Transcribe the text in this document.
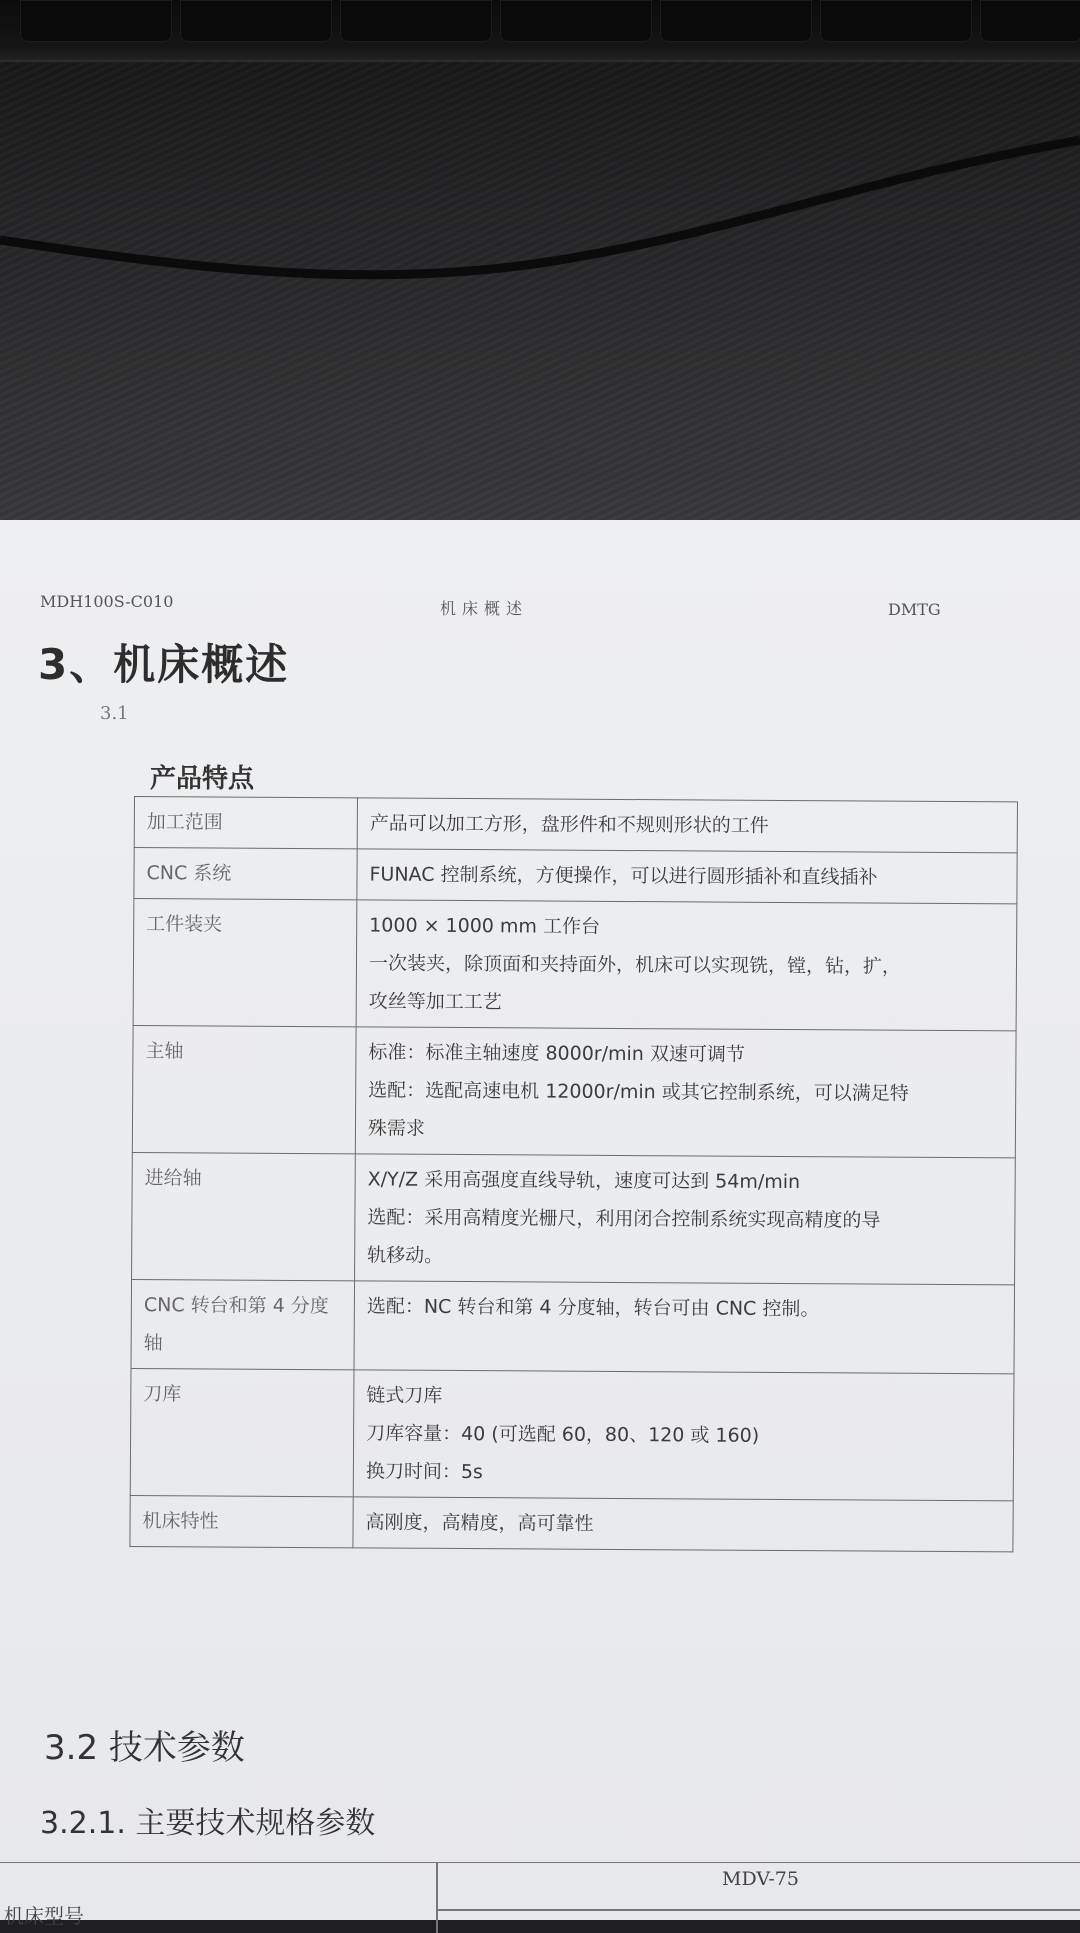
MDH100S-C010	机床概述	DMTG
3、机床概述
3.1
产品特点
加工范围	产品可以加工方形，盘形件和不规则形状的工件

CNC 系统	FUNAC 控制系统，方便操作，可以进行圆形插补和直线插补

工件装夹	1000 × 1000 mm 工作台
一次装夹，除顶面和夹持面外，机床可以实现铣，镗，钻，扩，
攻丝等加工工艺

主轴	标准：标准主轴速度 8000r/min 双速可调节
选配：选配高速电机 12000r/min 或其它控制系统，可以满足特
殊需求

进给轴	X/Y/Z 采用高强度直线导轨，速度可达到 54m/min
选配：采用高精度光栅尺，利用闭合控制系统实现高精度的导
轨移动。

CNC 转台和第 4 分度轴	选配：NC 转台和第 4 分度轴，转台可由 CNC 控制。

刀库	链式刀库
刀库容量：40 (可选配 60，80、120 或 160)
换刀时间：5s

机床特性	高刚度，高精度，高可靠性
3.2 技术参数
3.2.1. 主要技术规格参数
MDV-75
机床型号
